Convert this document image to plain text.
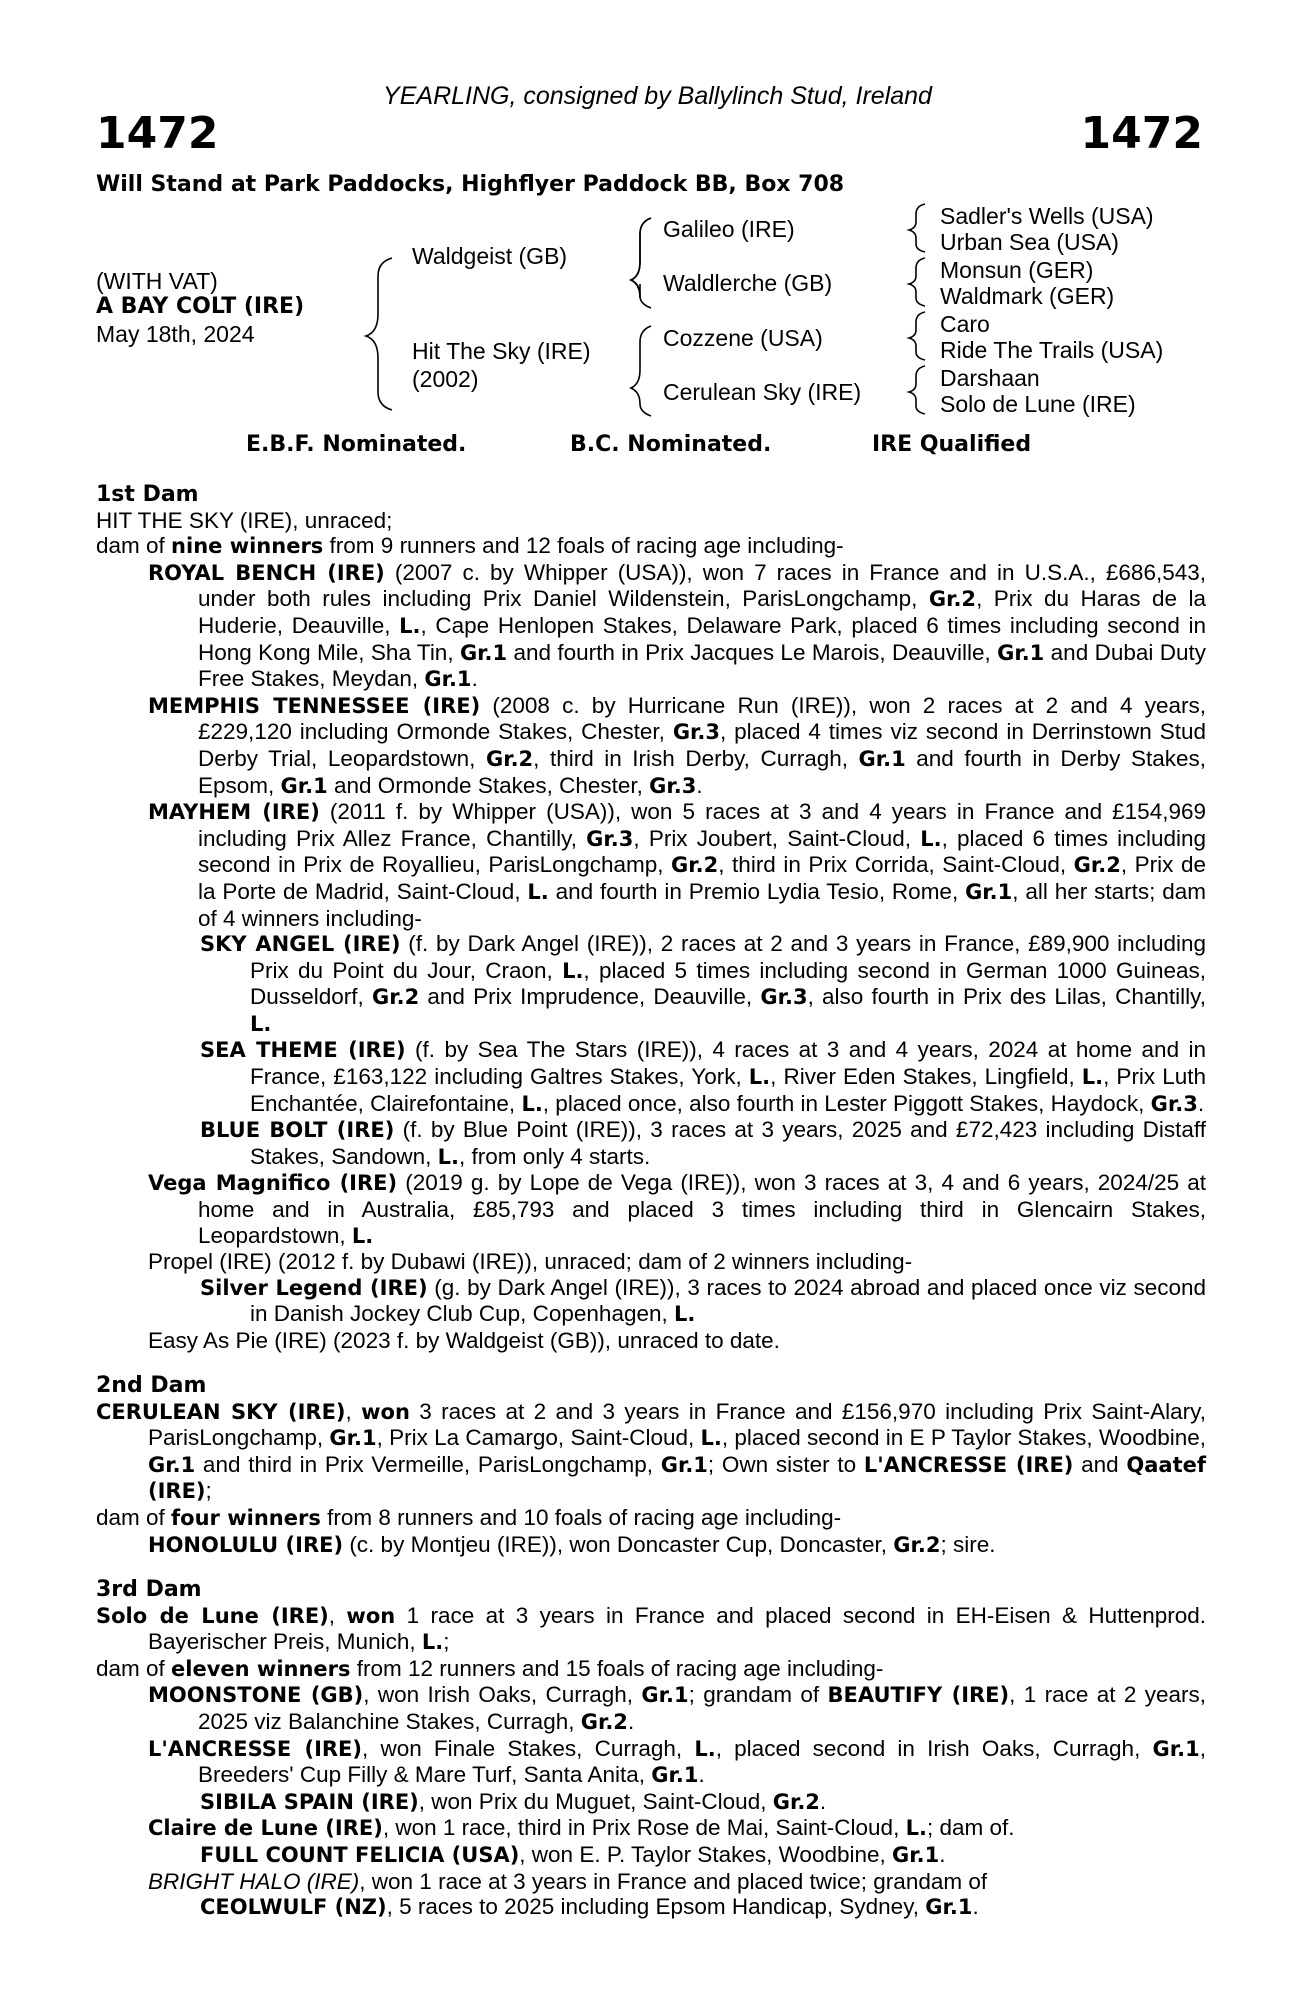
YEARLING, consigned by Ballylinch Stud, Ireland
1472	1472
Will Stand at Park Paddocks, Highflyer Paddock BB, Box 708
(WITH VAT)
A BAY COLT (IRE)
May 18th, 2024
Waldgeist (GB)
Hit The Sky (IRE)
(2002)
Galileo (IRE)
Waldlerche (GB)
Cozzene (USA)
Cerulean Sky (IRE)
Sadler's Wells (USA)
Urban Sea (USA)
Monsun (GER)
Waldmark (GER)
Caro
Ride The Trails (USA)
Darshaan
Solo de Lune (IRE)
E.B.F. Nominated.	B.C. Nominated.	IRE Qualified
1st Dam
HIT THE SKY (IRE), unraced;
dam of nine winners from 9 runners and 12 foals of racing age including-
ROYAL BENCH (IRE) (2007 c. by Whipper (USA)), won 7 races in France and in U.S.A., £686,543, under both rules including Prix Daniel Wildenstein, ParisLongchamp, Gr.2, Prix du Haras de la Huderie, Deauville, L., Cape Henlopen Stakes, Delaware Park, placed 6 times including second in Hong Kong Mile, Sha Tin, Gr.1 and fourth in Prix Jacques Le Marois, Deauville, Gr.1 and Dubai Duty Free Stakes, Meydan, Gr.1.
MEMPHIS TENNESSEE (IRE) (2008 c. by Hurricane Run (IRE)), won 2 races at 2 and 4 years, £229,120 including Ormonde Stakes, Chester, Gr.3, placed 4 times viz second in Derrinstown Stud Derby Trial, Leopardstown, Gr.2, third in Irish Derby, Curragh, Gr.1 and fourth in Derby Stakes, Epsom, Gr.1 and Ormonde Stakes, Chester, Gr.3.
MAYHEM (IRE) (2011 f. by Whipper (USA)), won 5 races at 3 and 4 years in France and £154,969 including Prix Allez France, Chantilly, Gr.3, Prix Joubert, Saint-Cloud, L., placed 6 times including second in Prix de Royallieu, ParisLongchamp, Gr.2, third in Prix Corrida, Saint-Cloud, Gr.2, Prix de la Porte de Madrid, Saint-Cloud, L. and fourth in Premio Lydia Tesio, Rome, Gr.1, all her starts; dam of 4 winners including-
SKY ANGEL (IRE) (f. by Dark Angel (IRE)), 2 races at 2 and 3 years in France, £89,900 including Prix du Point du Jour, Craon, L., placed 5 times including second in German 1000 Guineas, Dusseldorf, Gr.2 and Prix Imprudence, Deauville, Gr.3, also fourth in Prix des Lilas, Chantilly, L.
SEA THEME (IRE) (f. by Sea The Stars (IRE)), 4 races at 3 and 4 years, 2024 at home and in France, £163,122 including Galtres Stakes, York, L., River Eden Stakes, Lingfield, L., Prix Luth Enchantée, Clairefontaine, L., placed once, also fourth in Lester Piggott Stakes, Haydock, Gr.3.
BLUE BOLT (IRE) (f. by Blue Point (IRE)), 3 races at 3 years, 2025 and £72,423 including Distaff Stakes, Sandown, L., from only 4 starts.
Vega Magnifico (IRE) (2019 g. by Lope de Vega (IRE)), won 3 races at 3, 4 and 6 years, 2024/25 at home and in Australia, £85,793 and placed 3 times including third in Glencairn Stakes, Leopardstown, L.
Propel (IRE) (2012 f. by Dubawi (IRE)), unraced; dam of 2 winners including-
Silver Legend (IRE) (g. by Dark Angel (IRE)), 3 races to 2024 abroad and placed once viz second in Danish Jockey Club Cup, Copenhagen, L.
Easy As Pie (IRE) (2023 f. by Waldgeist (GB)), unraced to date.
2nd Dam
CERULEAN SKY (IRE), won 3 races at 2 and 3 years in France and £156,970 including Prix Saint-Alary, ParisLongchamp, Gr.1, Prix La Camargo, Saint-Cloud, L., placed second in E P Taylor Stakes, Woodbine, Gr.1 and third in Prix Vermeille, ParisLongchamp, Gr.1; Own sister to L'ANCRESSE (IRE) and Qaatef (IRE);
dam of four winners from 8 runners and 10 foals of racing age including-
HONOLULU (IRE) (c. by Montjeu (IRE)), won Doncaster Cup, Doncaster, Gr.2; sire.
3rd Dam
Solo de Lune (IRE), won 1 race at 3 years in France and placed second in EH-Eisen & Huttenprod. Bayerischer Preis, Munich, L.;
dam of eleven winners from 12 runners and 15 foals of racing age including-
MOONSTONE (GB), won Irish Oaks, Curragh, Gr.1; grandam of BEAUTIFY (IRE), 1 race at 2 years, 2025 viz Balanchine Stakes, Curragh, Gr.2.
L'ANCRESSE (IRE), won Finale Stakes, Curragh, L., placed second in Irish Oaks, Curragh, Gr.1, Breeders' Cup Filly & Mare Turf, Santa Anita, Gr.1.
SIBILA SPAIN (IRE), won Prix du Muguet, Saint-Cloud, Gr.2.
Claire de Lune (IRE), won 1 race, third in Prix Rose de Mai, Saint-Cloud, L.; dam of.
FULL COUNT FELICIA (USA), won E. P. Taylor Stakes, Woodbine, Gr.1.
BRIGHT HALO (IRE), won 1 race at 3 years in France and placed twice; grandam of
CEOLWULF (NZ), 5 races to 2025 including Epsom Handicap, Sydney, Gr.1.
